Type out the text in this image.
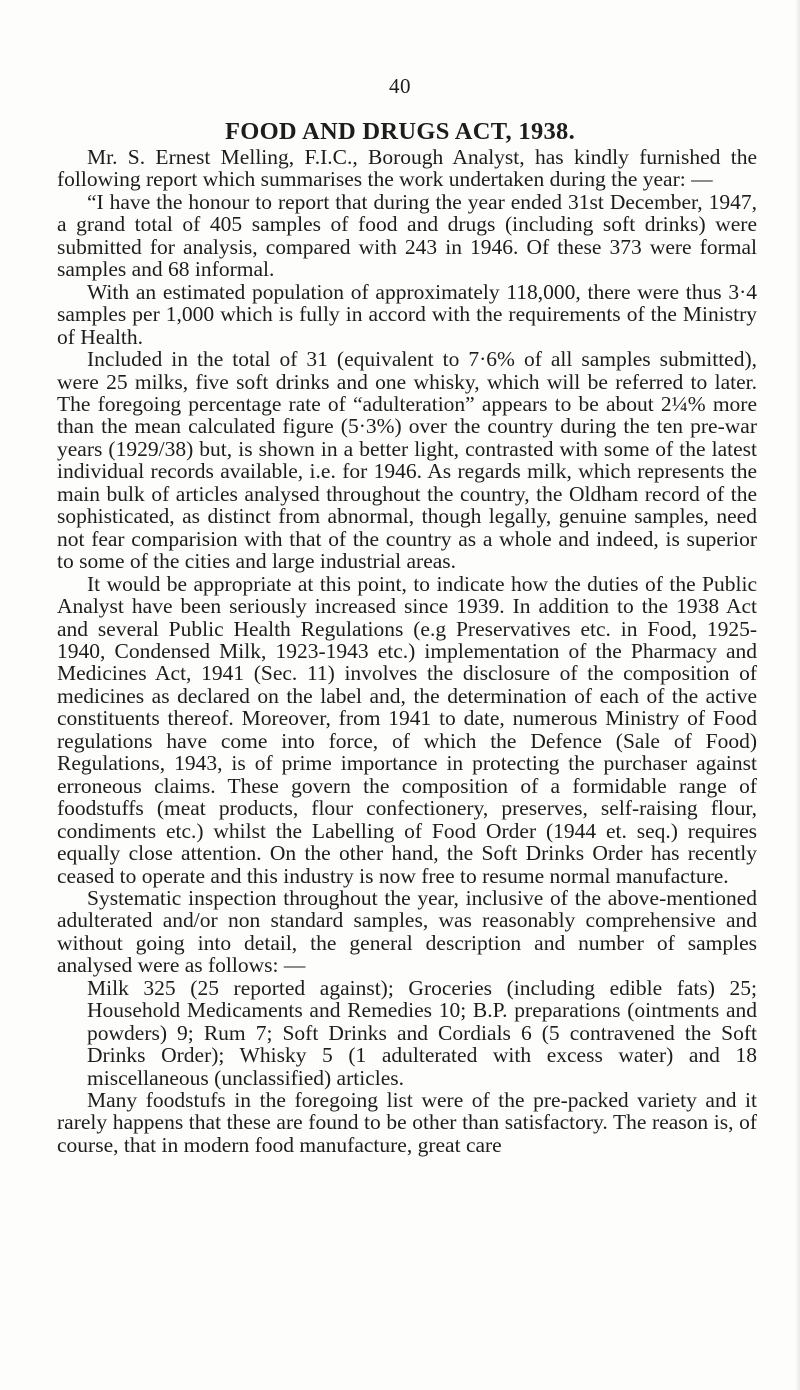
40
FOOD AND DRUGS ACT, 1938.

Mr. S. Ernest Melling, F.I.C., Borough Analyst, has kindly furnished the following report which summarises the work undertaken during the year: —

“I have the honour to report that during the year ended 31st December, 1947, a grand total of 405 samples of food and drugs (including soft drinks) were submitted for analysis, compared with 243 in 1946. Of these 373 were formal samples and 68 informal.

With an estimated population of approximately 118,000, there were thus 3·4 samples per 1,000 which is fully in accord with the requirements of the Ministry of Health.

Included in the total of 31 (equivalent to 7·6% of all samples submitted), were 25 milks, five soft drinks and one whisky, which will be referred to later. The foregoing percentage rate of “adulteration” appears to be about 2¼% more than the mean calculated figure (5·3%) over the country during the ten pre-war years (1929/38) but, is shown in a better light, contrasted with some of the latest individual records available, i.e. for 1946. As regards milk, which represents the main bulk of articles analysed throughout the country, the Oldham record of the sophisticated, as distinct from abnormal, though legally, genuine samples, need not fear comparision with that of the country as a whole and indeed, is superior to some of the cities and large industrial areas.

It would be appropriate at this point, to indicate how the duties of the Public Analyst have been seriously increased since 1939. In addition to the 1938 Act and several Public Health Regulations (e.g Preservatives etc. in Food, 1925-1940, Condensed Milk, 1923-1943 etc.) implementation of the Pharmacy and Medicines Act, 1941 (Sec. 11) involves the disclosure of the composition of medicines as declared on the label and, the determination of each of the active constituents thereof. Moreover, from 1941 to date, numerous Ministry of Food regulations have come into force, of which the Defence (Sale of Food) Regulations, 1943, is of prime importance in protecting the purchaser against erroneous claims. These govern the composition of a formidable range of foodstuffs (meat products, flour confectionery, preserves, self-raising flour, condiments etc.) whilst the Labelling of Food Order (1944 et. seq.) requires equally close attention. On the other hand, the Soft Drinks Order has recently ceased to operate and this industry is now free to resume normal manufacture.

Systematic inspection throughout the year, inclusive of the above-mentioned adulterated and/or non standard samples, was reasonably comprehensive and without going into detail, the general description and number of samples analysed were as follows: —

Milk 325 (25 reported against); Groceries (including edible fats) 25; Household Medicaments and Remedies 10; B.P. preparations (ointments and powders) 9; Rum 7; Soft Drinks and Cordials 6 (5 contravened the Soft Drinks Order); Whisky 5 (1 adulterated with excess water) and 18 miscellaneous (unclassified) articles.

Many foodstufs in the foregoing list were of the pre-packed variety and it rarely happens that these are found to be other than satisfactory. The reason is, of course, that in modern food manufacture, great care
